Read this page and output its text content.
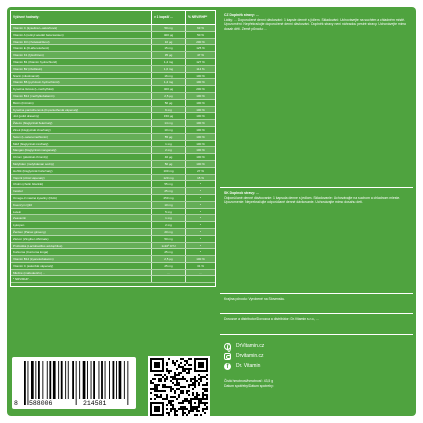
Výživné hodnoty:	v 1 kapsli/ ...	% NRV/RHP*
Vitamin C (kyselina L-askorbová)	50 mg	63 %
Vitamin A (retinyl acetát/ beta karoten)	400 µg	50 %
Vitamin D3 (cholekalciferol)	10 µg	200 %
Vitamin E (D-alfa tokoferol)	15 mg	125 %
Vitamin K1 (fylochinon)	35 µg	47 %
Vitamin B1 (thiamin hydrochlorid)	1,4 mg	127 %
Vitamin B2 (riboflavin)	1,6 mg	114 %
Niacin (nikotinamid)	16 mg	100 %
Vitamin B6 (pyridoxin hydrochlorid)	1,4 mg	100 %
Kyselina listová (L-methylfolát)	400 µg	200 %
Vitamin B12 (methylkobalamin)	2,5 µg	100 %
Biotin (D-biotin)	50 µg	100 %
Kyselina pantothenová (D-pantothenát vápenatý)	6 mg	100 %
Jód (jodid draselný)	150 µg	100 %
Železo (bisglycinát železnatý)	14 mg	100 %
Zinek (bisglycinát zinečnatý)	10 mg	100 %
Selen (L-selenomethionin)	55 µg	100 %
Měď (bisglycinát měďnatý)	1 mg	100 %
Mangan (bisglycinát manganatý)	2 mg	100 %
Chrom (pikolinát chromitý)	40 µg	100 %
Molybden (molybdenan sodný)	50 µg	100 %
Hořčík (bisglycinát hořečnatý)	100 mg	27 %
Vápník (citrát vápenatý)	120 mg	15 %
Cholin (cholin bitartrát)	55 mg	*
Inositol	25 mg	*
Omega-3 mastné kyseliny (DHA)	250 mg	*
Koenzym Q10	10 mg	*
Lutein	5 mg	*
Zeaxantin	1 mg	*
Lykopen	2 mg	*
Ženšen (Panax ginseng)	20 mg	*
Zázvor (Zingiber officinale)	50 mg	*
Probiotika (Lactobacillus acidophilus)	1x10⁹ KTJ	*
Kurkuma (Curcuma longa)	25 mg	*
Vitamin B12 (kyanokobalamin)	2,5 µg	100 %
Vitamin C (askorbát vápenatý)	25 mg	31 %
Mléčné (maltodextrin) ...	...	...
* NRV/RHP ...

CZ Doplněk stravy: ...

Látky: ... Doporučené denní dávkování: 1 kapsle denně s jídlem. Skladování: Uchovávejte na suchém a chladném místě. Upozornění: Nepřekračujte doporučené denní dávkování. Doplněk stravy není náhradou pestré stravy. Uchovávejte mimo dosah dětí. Země původu: ...

SK Doplnok stravy: ...

Odporúčané denné dávkovanie: 1 kapsula denne s jedlom. Skladovanie: Uchovávajte na suchom a chladnom mieste. Upozornenie: Neprekračujte odporúčané denné dávkovanie. Uchovávajte mimo dosahu detí.

Krajina pôvodu: Vyrobené na Slovensku.

Dovozce a distributor/Dovozca a distribútor: Dr.Vitamin s.r.o., ...

DrVitamin.cz
Drvitamin.cz
f	Dr. Vitamin

Čistá hmotnost/hmotnosť: 43,5 g

Datum spotřeby/Dátum spotreby:

8 588006	214581
